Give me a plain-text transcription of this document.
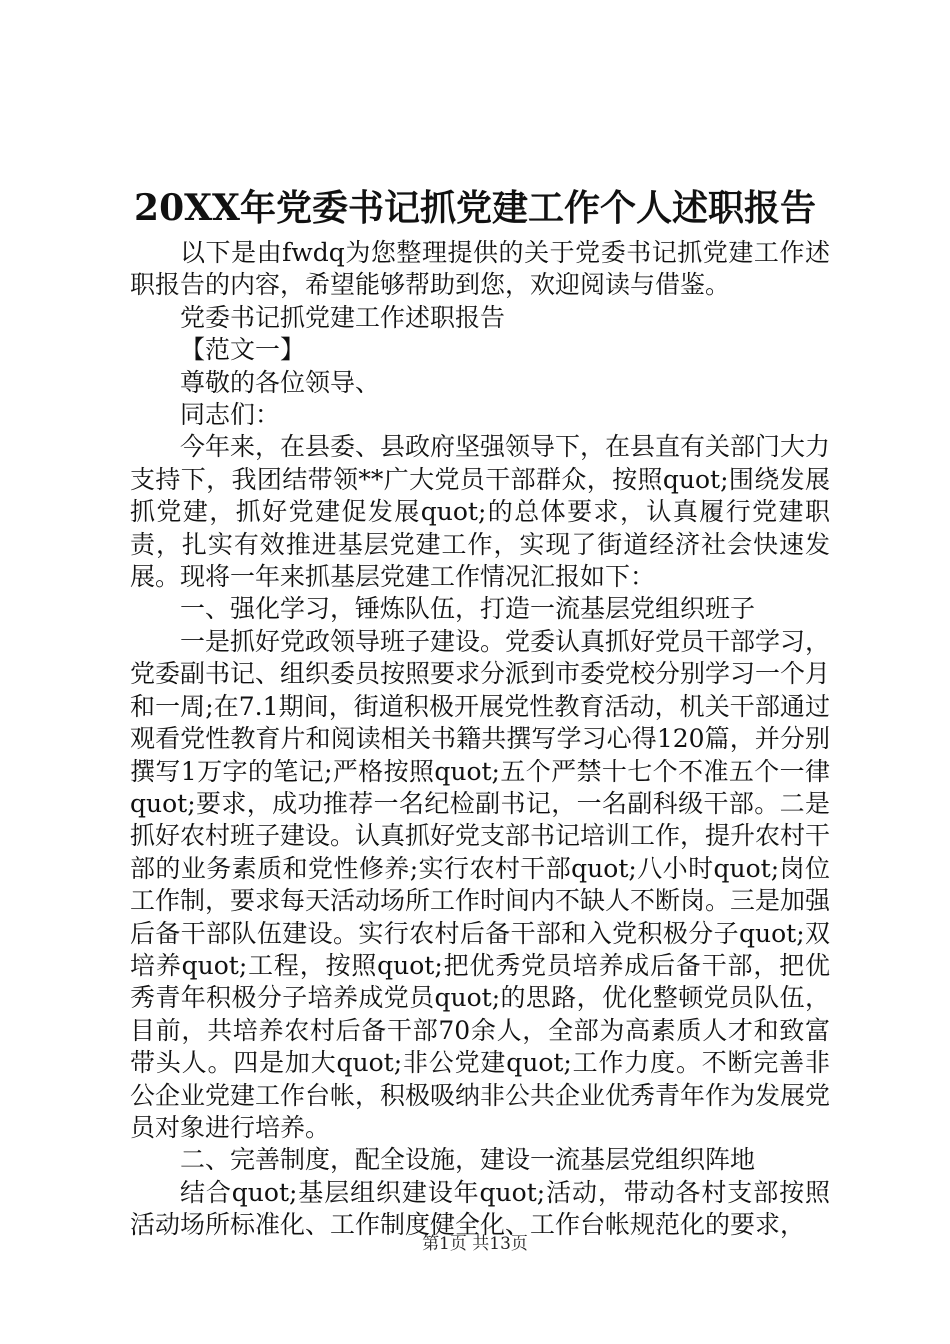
20XX年党委书记抓党建工作个人述职报告

以下是由fwdq为您整理提供的关于党委书记抓党建工作述职报告的内容，希望能够帮助到您，欢迎阅读与借鉴。

党委书记抓党建工作述职报告

【范文一】

尊敬的各位领导、

同志们：

今年来，在县委、县政府坚强领导下，在县直有关部门大力支持下，我团结带领**广大党员干部群众，按照quot;围绕发展抓党建，抓好党建促发展quot;的总体要求，认真履行党建职责，扎实有效推进基层党建工作，实现了街道经济社会快速发展。现将一年来抓基层党建工作情况汇报如下：

一、强化学习，锤炼队伍，打造一流基层党组织班子

一是抓好党政领导班子建设。党委认真抓好党员干部学习，党委副书记、组织委员按照要求分派到市委党校分别学习一个月和一周;在7.1期间，街道积极开展党性教育活动，机关干部通过观看党性教育片和阅读相关书籍共撰写学习心得120篇，并分别撰写1万字的笔记;严格按照quot;五个严禁十七个不准五个一律quot;要求，成功推荐一名纪检副书记，一名副科级干部。二是抓好农村班子建设。认真抓好党支部书记培训工作，提升农村干部的业务素质和党性修养;实行农村干部quot;八小时quot;岗位工作制，要求每天活动场所工作时间内不缺人不断岗。三是加强后备干部队伍建设。实行农村后备干部和入党积极分子quot;双培养quot;工程，按照quot;把优秀党员培养成后备干部，把优秀青年积极分子培养成党员quot;的思路，优化整顿党员队伍，目前，共培养农村后备干部70余人，全部为高素质人才和致富带头人。四是加大quot;非公党建quot;工作力度。不断完善非公企业党建工作台帐，积极吸纳非公共企业优秀青年作为发展党员对象进行培养。

二、完善制度，配全设施，建设一流基层党组织阵地

结合quot;基层组织建设年quot;活动，带动各村支部按照活动场所标准化、工作制度健全化、工作台帐规范化的要求，

第1页 共13页
